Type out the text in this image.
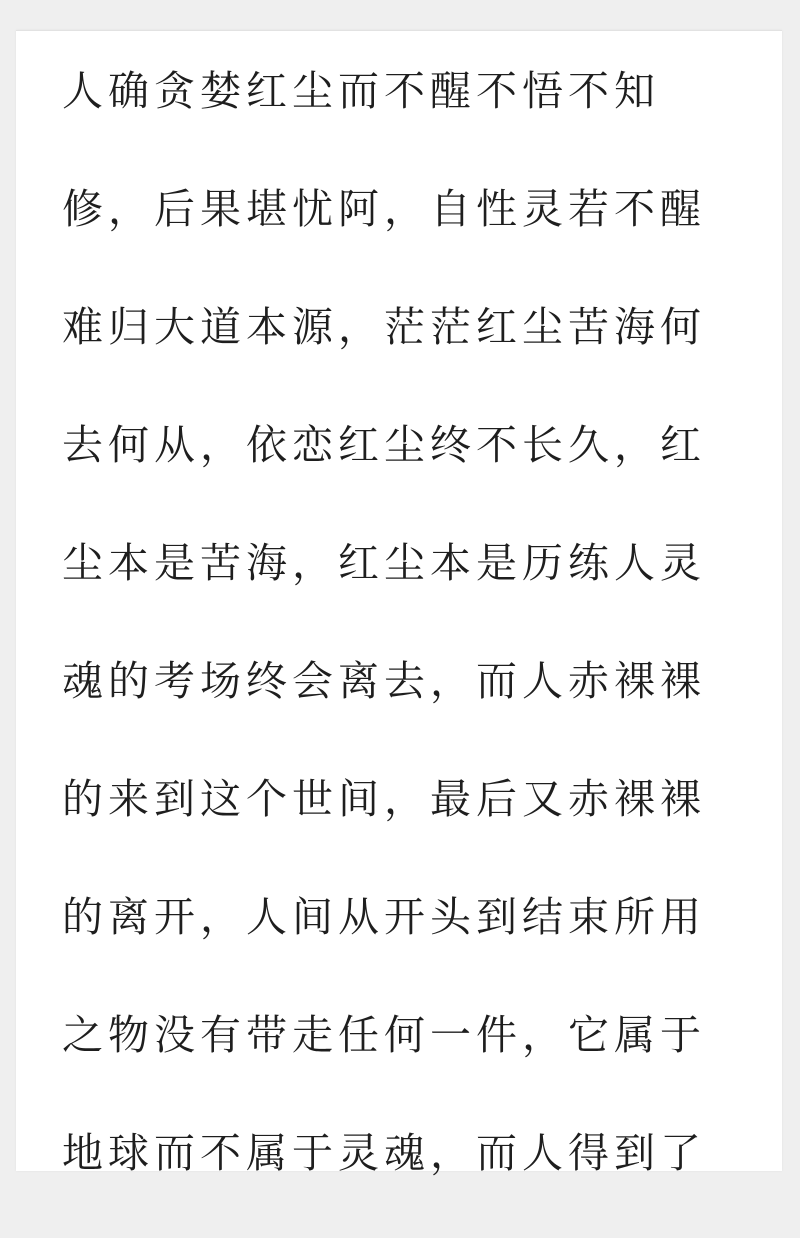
人确贪婪红尘而不醒不悟不知
修，后果堪忧阿，自性灵若不醒
难归大道本源，茫茫红尘苦海何
去何从，依恋红尘终不长久，红
尘本是苦海，红尘本是历练人灵
魂的考场终会离去，而人赤裸裸
的来到这个世间，最后又赤裸裸
的离开，人间从开头到结束所用
之物没有带走任何一件，它属于
地球而不属于灵魂，而人得到了
